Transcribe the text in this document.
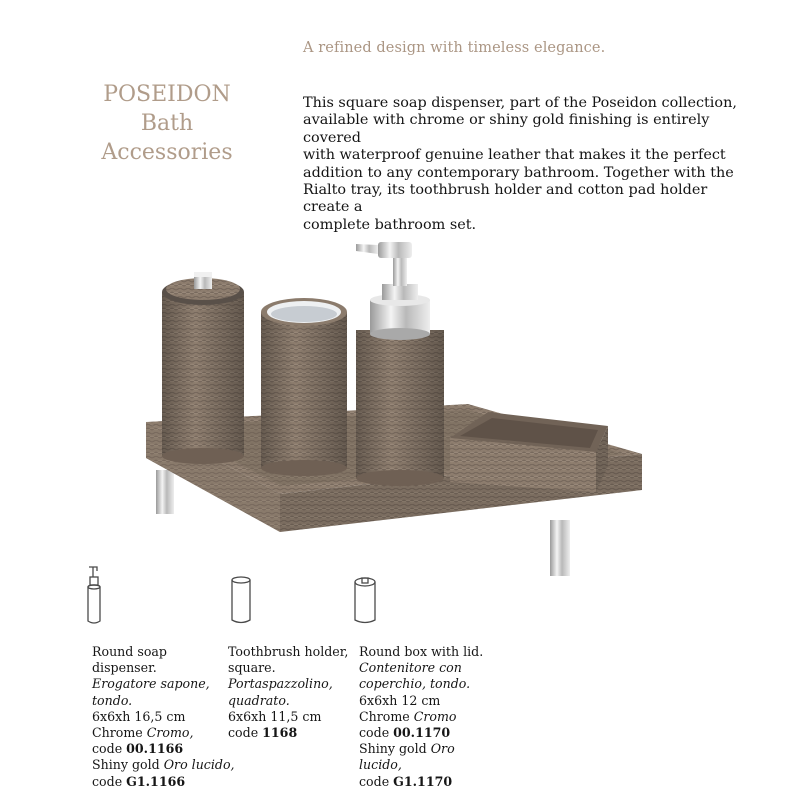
A refined design with timeless elegance.
POSEIDON
Bath
Accessories
This square soap dispenser, part of the Poseidon collection,
available with chrome or shiny gold finishing is entirely covered
with waterproof genuine leather that makes it the perfect
addition to any contemporary bathroom. Together with the
Rialto tray, its toothbrush holder and cotton pad holder create a
complete bathroom set.
Round soap
dispenser.
Erogatore sapone,
tondo.
6x6xh 16,5 cm
Chrome Cromo,
code 00.1166
Shiny gold Oro lucido,
code G1.1166
Toothbrush holder,
square.
Portaspazzolino,
quadrato.
6x6xh 11,5 cm
code 1168
Round box with lid.
Contenitore con
coperchio, tondo.
6x6xh 12 cm
Chrome Cromo
code 00.1170
Shiny gold Oro
lucido,
code G1.1170
